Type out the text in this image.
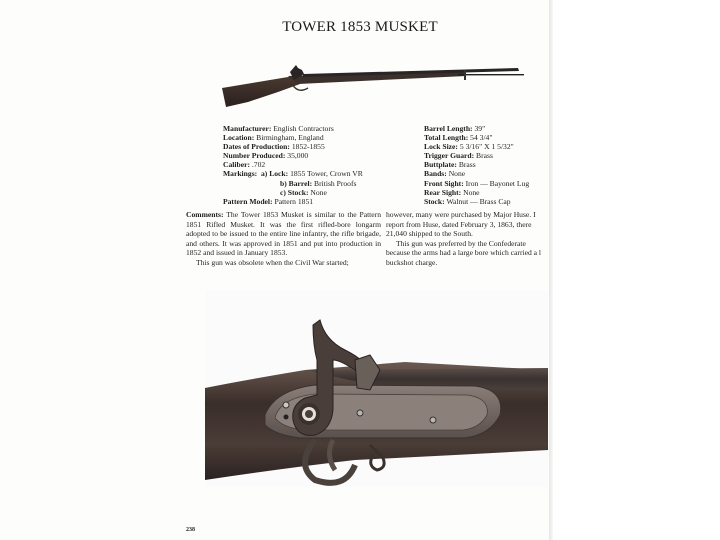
TOWER 1853 MUSKET
Manufacturer: English Contractors
Location: Birmingham, England
Dates of Production: 1852-1855
Number Produced: 35,000
Caliber: .702
Markings: a) Lock: 1855 Tower, Crown VR
b) Barrel: British Proofs
c) Stock: None
Pattern Model: Pattern 1851
Barrel Length: 39"
Total Length: 54 3/4"
Lock Size: 5 3/16" X 1 5/32"
Trigger Guard: Brass
Buttplate: Brass
Bands: None
Front Sight: Iron — Bayonet Lug
Rear Sight: None
Stock: Walnut — Brass Cap

Comments: The Tower 1853 Musket is similar to the Pattern 1851 Rifled Musket. It was the first rifled-bore longarm adopted to be issued to the entire line infantry, the rifle brigade, and others. It was approved in 1851 and put into production in 1852 and issued in January 1853.

This gun was obsolete when the Civil War started;

however, many were purchased by Major Huse. I
report from Huse, dated February 3, 1863, there
21,040 shipped to the South.
This gun was preferred by the Confederate
because the arms had a large bore which carried a l
buckshot charge.
238
